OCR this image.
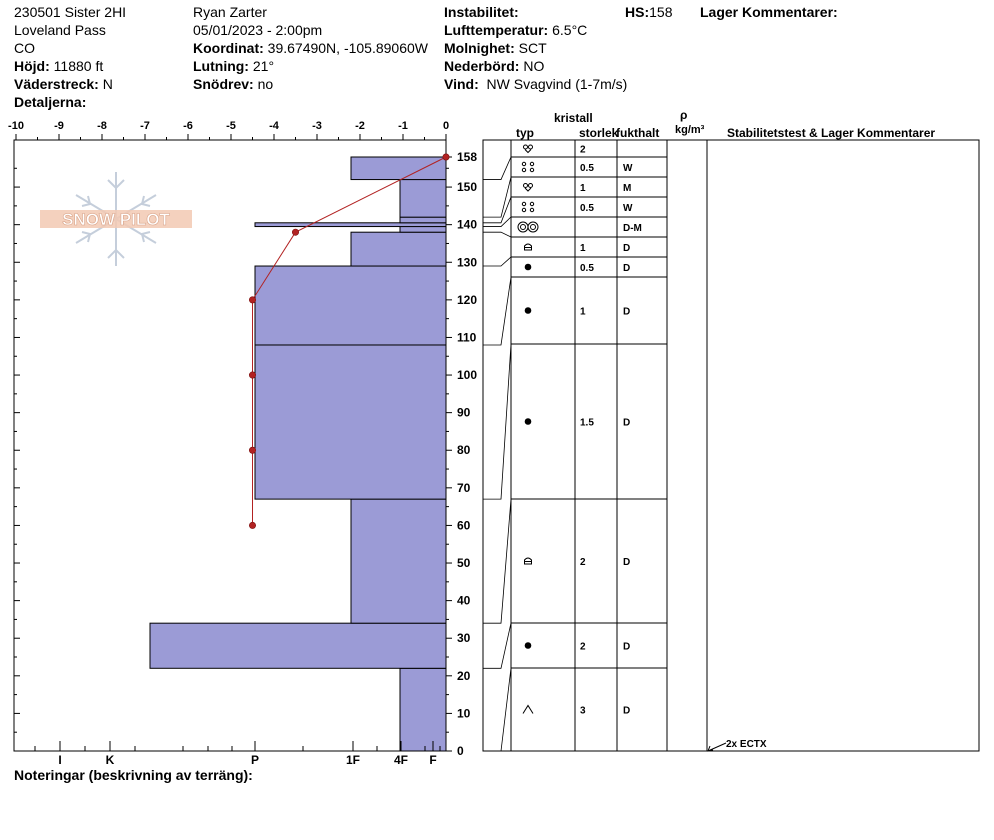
230501 Sister 2HI
Loveland Pass
CO
Höjd: 11880 ft
Väderstreck: N
Detaljerna:
Ryan Zarter
05/01/2023 - 2:00pm
Koordinat: 39.67490N, -105.89060W
Lutning: 21°
Snödrev: no
Instabilitet:
Lufttemperatur: 6.5°C
Molnighet: SCT
Nederbörd: NO
Vind: NW Svagvind (1-7m/s)
HS:158 Lager Kommentarer:
kristall
typ	storlek
fukthalt
ρ
kg/m³ Stabilitetstest & Lager Kommentarer
SNOW PILOT
-10	-9	-8	-7	-6	-5	-4	-3	-2	-1	0
158
150
140
130
120
110
100
90
80
70
60
50
40
30
20
10
0
I	K	P	1F	4F F
2
0.5	W
1	M
0.5	W
D-M
1	D
0.5	D
1	D
1.5	D
2	D
2	D
3	D
2x ECTX
Noteringar (beskrivning av terräng):
